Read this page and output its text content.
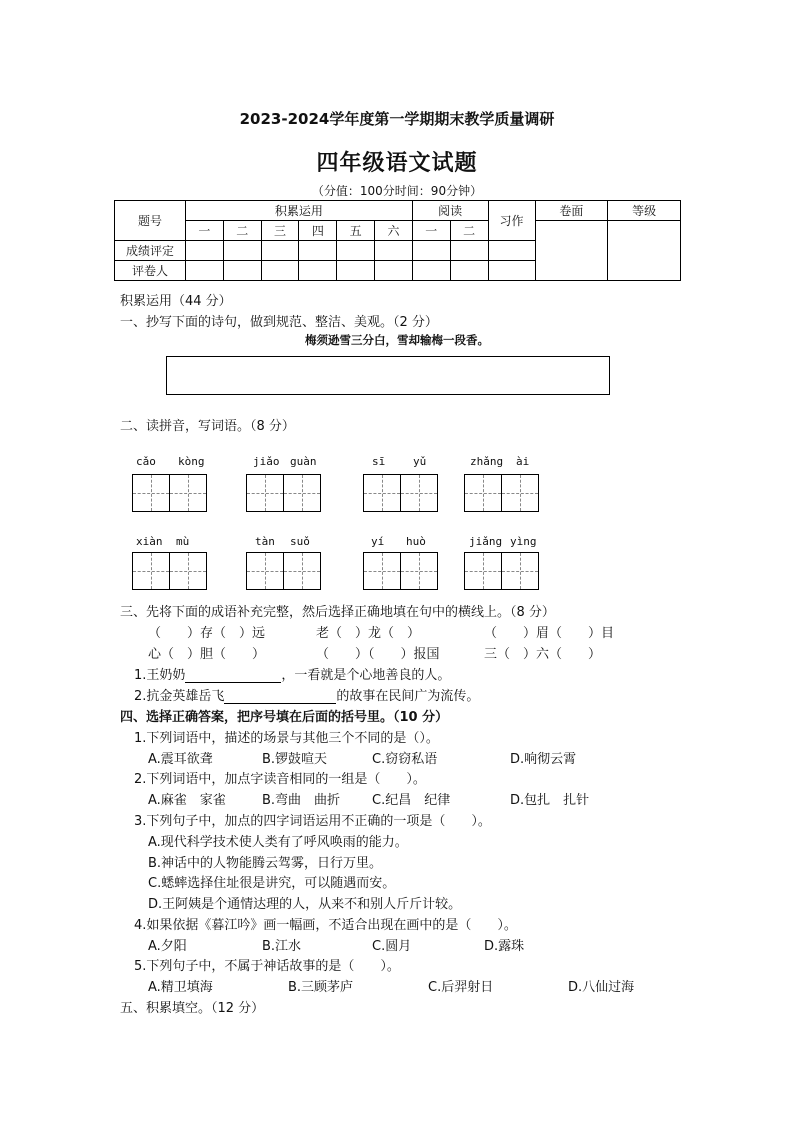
2023-2024学年度第一学期期末教学质量调研
四年级语文试题
（分值：100分时间：90分钟）
题号	积累运用						阅读		习作	卷面	等级
	一	二	三	四	五	六	一	二			
成绩评定											
评卷人											
积累运用（44 分）
一、抄写下面的诗句，做到规范、整洁、美观。（2 分）
梅须逊雪三分白，雪却输梅一段香。
二、读拼音，写词语。（8 分）
cǎo kòng	jiǎo guàn	sī	yǔ	zhǎng ài
xiàn mù	tàn suǒ	yí huò	jiǎng yìng
三、先将下面的成语补充完整，然后选择正确地填在句中的横线上。（8 分）
（　　）存（　）远	老（　）龙（　）	（　　）眉（　　）目
心（　）胆（　　）	（　　）（　　）报国	三（　）六（　　）
1.王奶奶	，一看就是个心地善良的人。
2.抗金英雄岳飞	的故事在民间广为流传。
四、选择正确答案，把序号填在后面的括号里。（10 分）
1.下列词语中，描述的场景与其他三个不同的是（）。
A.震耳欲聋	B.锣鼓喧天	C.窃窃私语	D.响彻云霄
2.下列词语中，加点字读音相同的一组是（　　）。
A.麻雀　家雀	B.弯曲　曲折 C.纪昌　纪律	D.包扎　扎针
3.下列句子中，加点的四字词语运用不正确的一项是（　　）。
A.现代科学技术使人类有了呼风唤雨的能力。
B.神话中的人物能腾云驾雾，日行万里。
C.蟋蟀选择住址很是讲究，可以随遇而安。
D.王阿姨是个通情达理的人，从来不和别人斤斤计较。
4.如果依据《暮江吟》画一幅画，不适合出现在画中的是（　　）。
A.夕阳	B.江水	C.圆月	D.露珠
5.下列句子中，不属于神话故事的是（　　）。
A.精卫填海	B.三顾茅庐	C.后羿射日	D.八仙过海
五、积累填空。（12 分）
